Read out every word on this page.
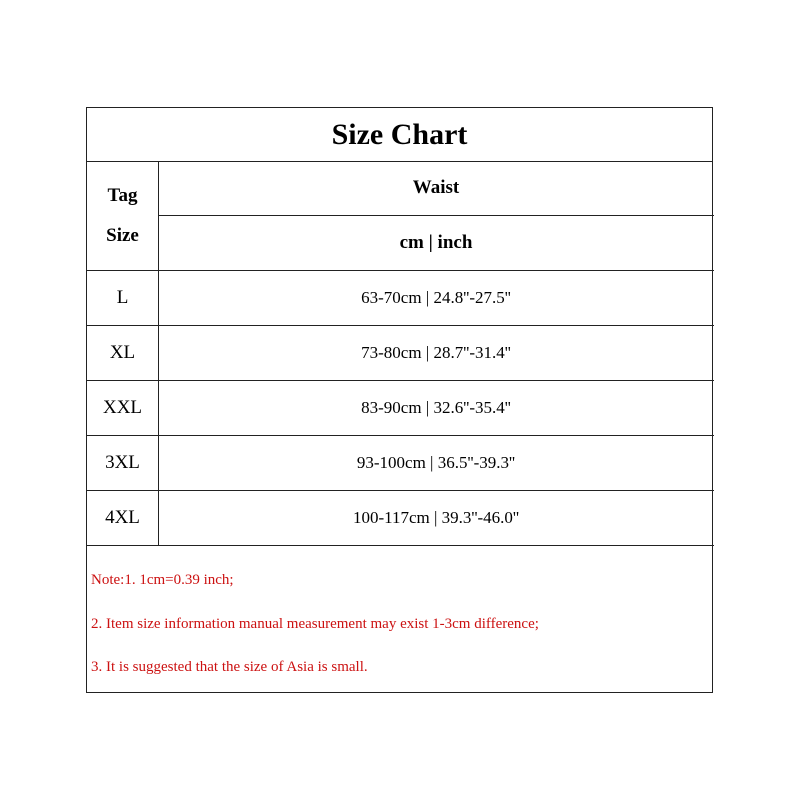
Size Chart
Tag
Size
Waist
cm | inch
L	63-70cm | 24.8''-27.5''
XL	73-80cm | 28.7''-31.4''
XXL	83-90cm | 32.6''-35.4''
3XL	93-100cm | 36.5''-39.3''
4XL	100-117cm | 39.3''-46.0''
Note:1. 1cm=0.39 inch;
2. Item size information manual measurement may exist 1-3cm difference;
3. It is suggested that the size of Asia is small.
